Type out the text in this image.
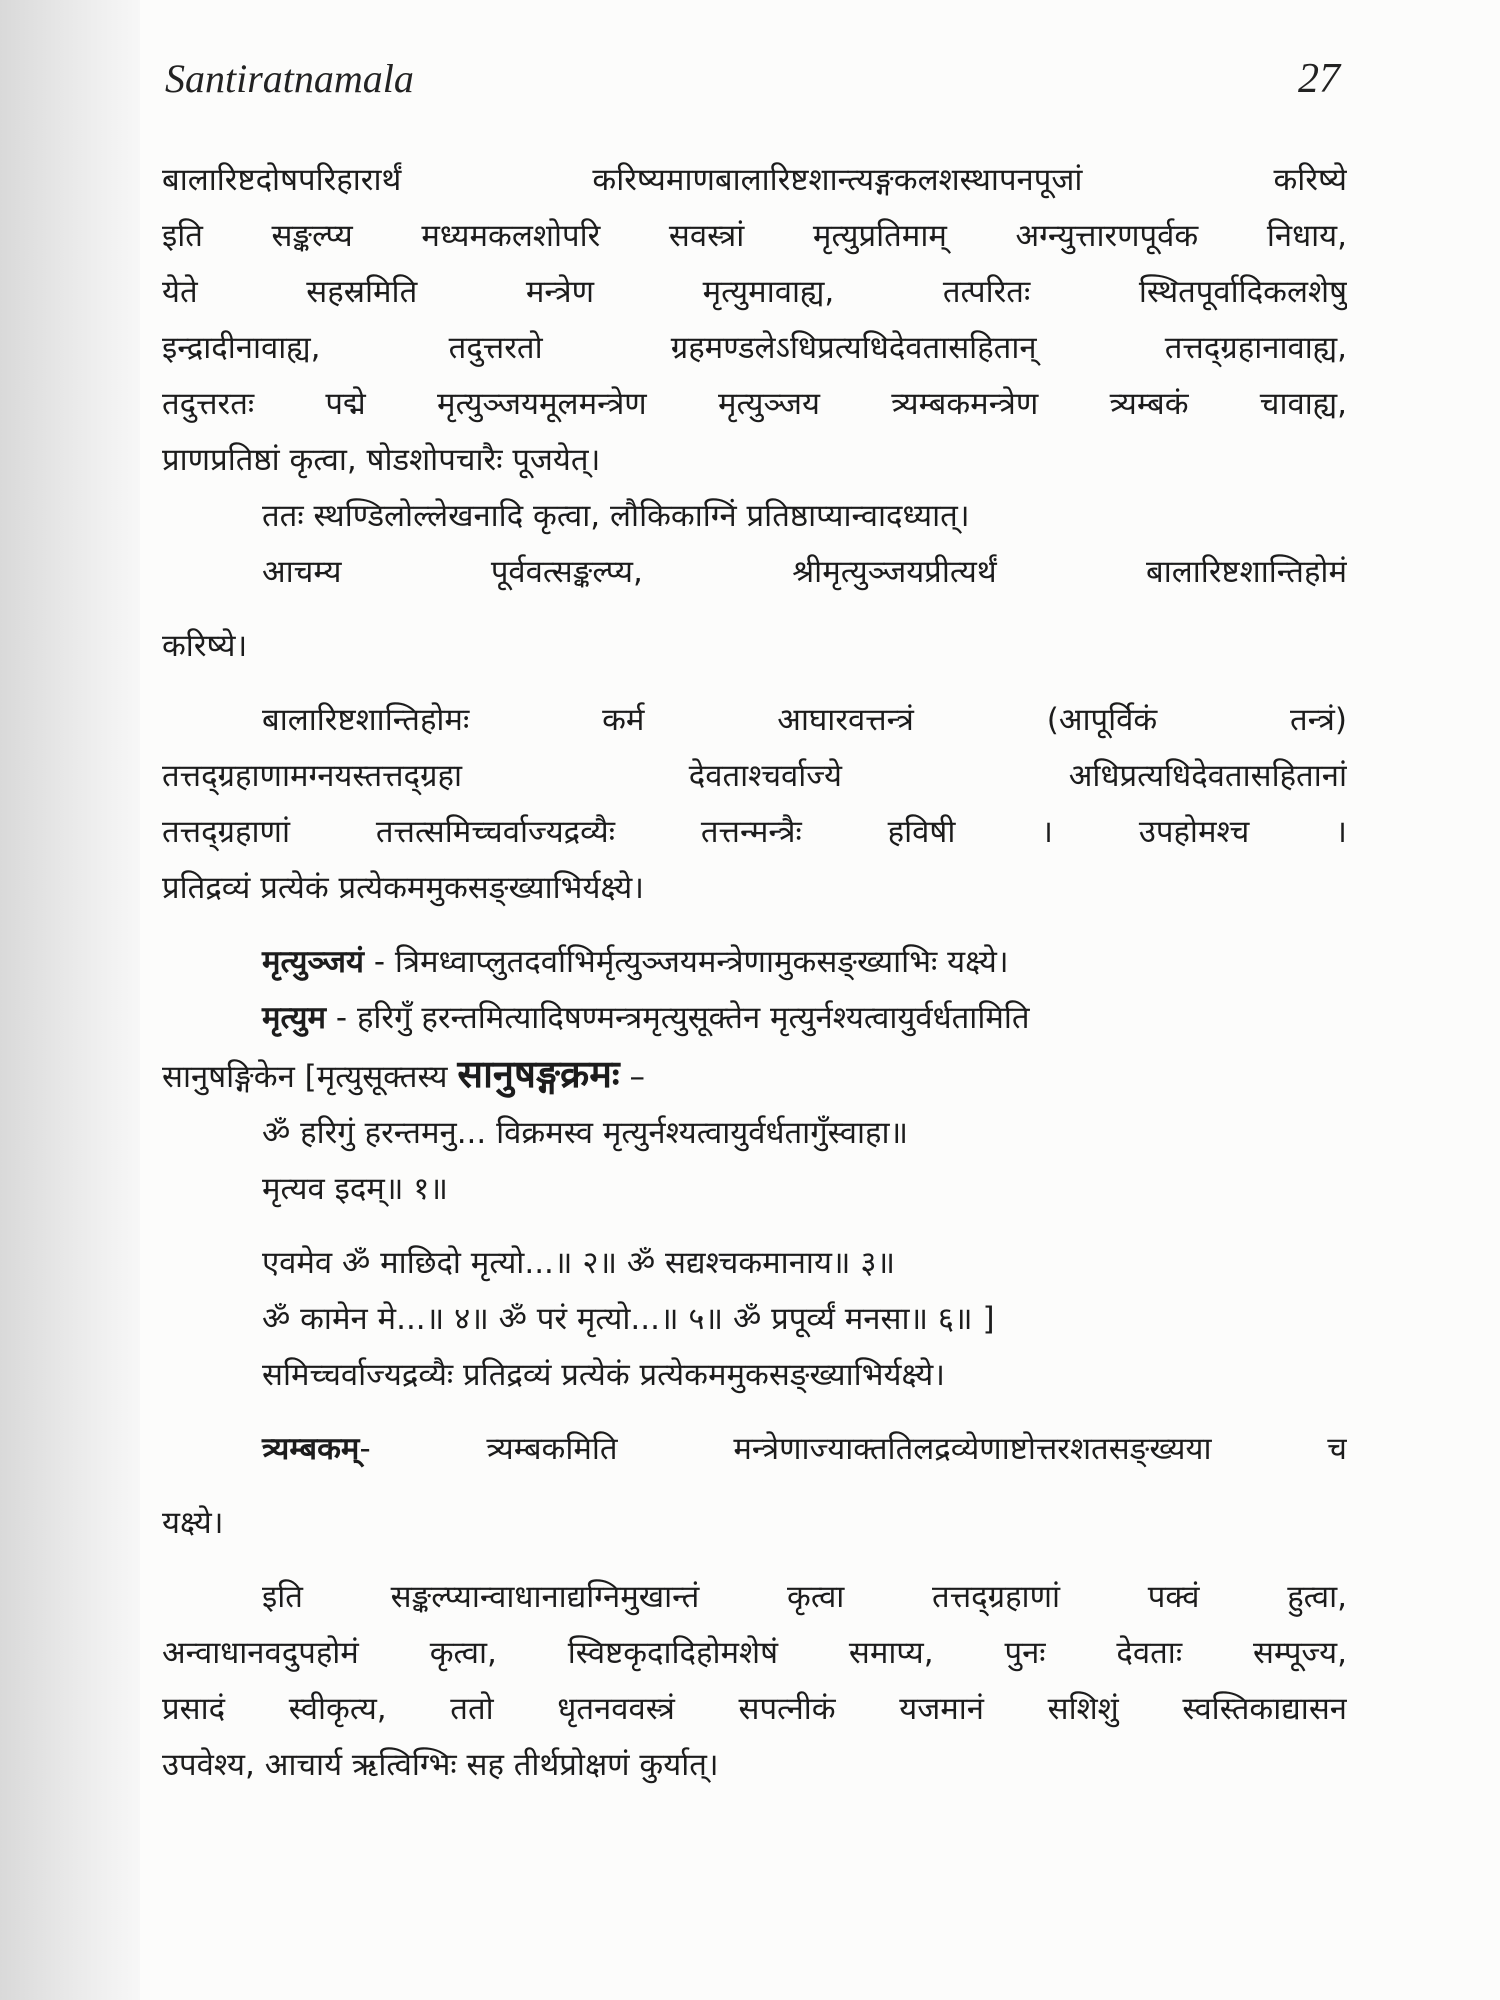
Santiratnamala	27
बालारिष्टदोषपरिहारार्थं करिष्यमाणबालारिष्टशान्त्यङ्गकलशस्थापनपूजां करिष्ये
इति सङ्कल्प्य मध्यमकलशोपरि सवस्त्रां मृत्युप्रतिमाम् अग्न्युत्तारणपूर्वक निधाय,
येते सहस्रमिति मन्त्रेण मृत्युमावाह्य, तत्परितः स्थितपूर्वादिकलशेषु
इन्द्रादीनावाह्य, तदुत्तरतो ग्रहमण्डलेऽधिप्रत्यधिदेवतासहितान् तत्तद्ग्रहानावाह्य,
तदुत्तरतः पद्मे मृत्युञ्जयमूलमन्त्रेण मृत्युञ्जय त्र्यम्बकमन्त्रेण त्र्यम्बकं चावाह्य,
प्राणप्रतिष्ठां कृत्वा, षोडशोपचारैः पूजयेत्।
ततः स्थण्डिलोल्लेखनादि कृत्वा, लौकिकाग्निं प्रतिष्ठाप्यान्वादध्यात्।
आचम्य पूर्ववत्सङ्कल्प्य, श्रीमृत्युञ्जयप्रीत्यर्थं बालारिष्टशान्तिहोमं
करिष्ये।
बालारिष्टशान्तिहोमः कर्म आघारवत्तन्त्रं (आपूर्विकं तन्त्रं)
तत्तद्ग्रहाणामग्नयस्तत्तद्ग्रहा देवताश्चर्वाज्ये अधिप्रत्यधिदेवतासहितानां
तत्तद्ग्रहाणां तत्तत्समिच्चर्वाज्यद्रव्यैः तत्तन्मन्त्रैः हविषी । उपहोमश्च ।
प्रतिद्रव्यं प्रत्येकं प्रत्येकममुकसङ्ख्याभिर्यक्ष्ये।
मृत्युञ्जयं - त्रिमध्वाप्लुतदर्वाभिर्मृत्युञ्जयमन्त्रेणामुकसङ्ख्याभिः यक्ष्ये।
मृत्युम - हरिगुँ हरन्तमित्यादिषण्मन्त्रमृत्युसूक्तेन मृत्युर्नश्यत्वायुर्वर्धतामिति
सानुषङ्गिकेन [मृत्युसूक्तस्य सानुषङ्गक्रमः –
ॐ हरिगुं हरन्तमनु... विक्रमस्व मृत्युर्नश्यत्वायुर्वर्धतागुँस्वाहा॥
मृत्यव इदम्॥ १॥
एवमेव ॐ माछिदो मृत्यो...॥ २॥ ॐ सद्यश्चकमानाय॥ ३॥
ॐ कामेन मे...॥ ४॥ ॐ परं मृत्यो...॥ ५॥ ॐ प्रपूर्व्यं मनसा॥ ६॥ ]
समिच्चर्वाज्यद्रव्यैः प्रतिद्रव्यं प्रत्येकं प्रत्येकममुकसङ्ख्याभिर्यक्ष्ये।
त्र्यम्बकम्- त्र्यम्बकमिति मन्त्रेणाज्याक्ततिलद्रव्येणाष्टोत्तरशतसङ्ख्यया च
यक्ष्ये।
इति सङ्कल्प्यान्वाधानाद्यग्निमुखान्तं कृत्वा तत्तद्ग्रहाणां पक्वं हुत्वा,
अन्वाधानवदुपहोमं कृत्वा, स्विष्टकृदादिहोमशेषं समाप्य, पुनः देवताः सम्पूज्य,
प्रसादं स्वीकृत्य, ततो धृतनववस्त्रं सपत्नीकं यजमानं सशिशुं स्वस्तिकाद्यासन
उपवेश्य, आचार्य ऋत्विग्भिः सह तीर्थप्रोक्षणं कुर्यात्।
